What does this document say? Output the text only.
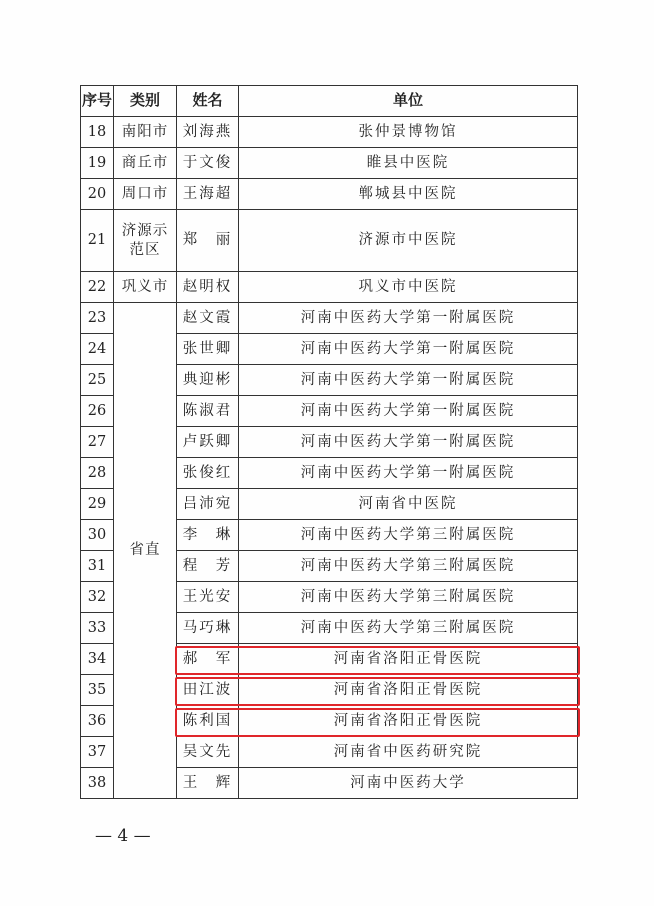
序号	类别	姓名	单位
18	南阳市	刘海燕	张仲景博物馆
19	商丘市	于文俊	睢县中医院
20	周口市	王海超	郸城县中医院
21	济源示范区	郑　丽	济源市中医院
22	巩义市	赵明权	巩义市中医院
23	省直	赵文霞	河南中医药大学第一附属医院
24		张世卿	河南中医药大学第一附属医院
25		典迎彬	河南中医药大学第一附属医院
26		陈淑君	河南中医药大学第一附属医院
27		卢跃卿	河南中医药大学第一附属医院
28		张俊红	河南中医药大学第一附属医院
29		吕沛宛	河南省中医院
30		李　琳	河南中医药大学第三附属医院
31		程　芳	河南中医药大学第三附属医院
32		王光安	河南中医药大学第三附属医院
33		马巧琳	河南中医药大学第三附属医院
34		郝　军	河南省洛阳正骨医院
35		田江波	河南省洛阳正骨医院
36		陈利国	河南省洛阳正骨医院
37		吴文先	河南省中医药研究院
38		王　辉	河南中医药大学
— 4 —
